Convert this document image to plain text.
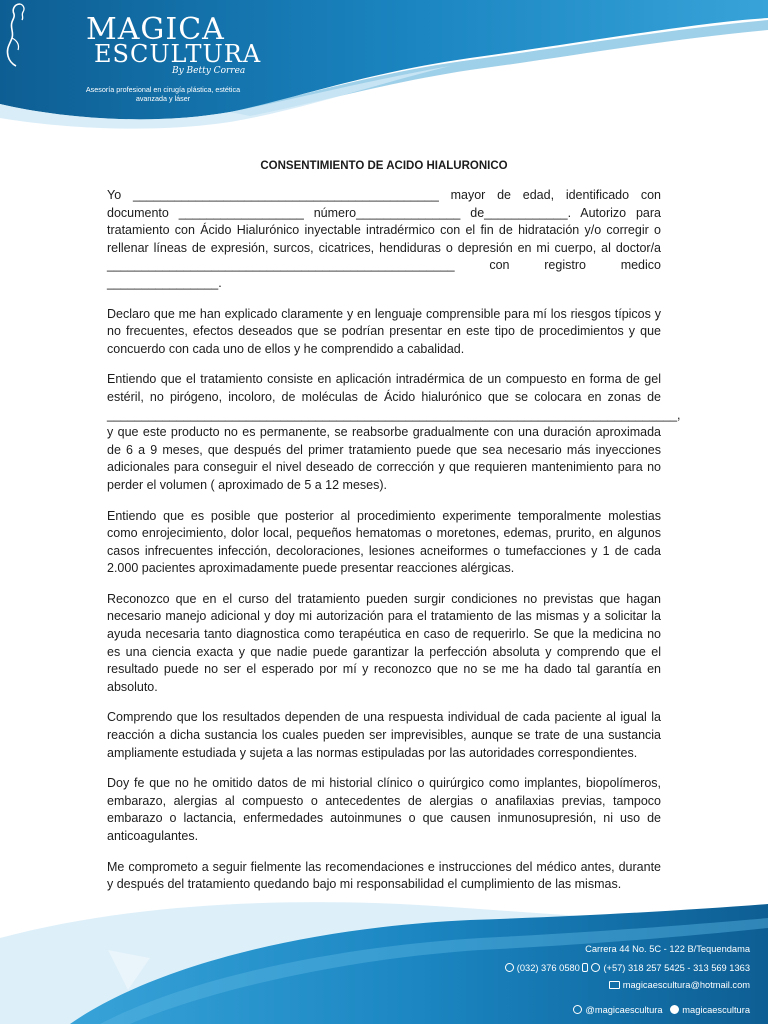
MAGICA
ESCULTURA
By Betty Correa
Asesoría profesional en cirugía plástica, estética avanzada y láser
CONSENTIMIENTO DE ACIDO HIALURONICO

Yo ____________________________________________ mayor de edad, identificado con documento __________________ número_______________ de____________. Autorizo para tratamiento con Ácido Hialurónico inyectable intradérmico con el fin de hidratación y/o corregir o rellenar líneas de expresión, surcos, cicatrices, hendiduras o depresión en mi cuerpo, al doctor/a __________________________________________________	con registro medico ________________.

Declaro que me han explicado claramente y en lenguaje comprensible para mí los riesgos típicos y no frecuentes, efectos deseados que se podrían presentar en este tipo de procedimientos y que concuerdo con cada uno de ellos y he comprendido a cabalidad.

Entiendo que el tratamiento consiste en aplicación intradérmica de un compuesto en forma de gel estéril, no pirógeno, incoloro, de moléculas de Ácido hialurónico que se colocara en zonas de __________________________________________________________________________________, y que este producto no es permanente, se reabsorbe gradualmente con una duración aproximada de 6 a 9 meses, que después del primer tratamiento puede que sea necesario más inyecciones adicionales para conseguir el nivel deseado de corrección y que requieren mantenimiento para no perder el volumen ( aproximado de 5 a 12 meses).

Entiendo que es posible que posterior al procedimiento experimente temporalmente molestias como enrojecimiento, dolor local, pequeños hematomas o moretones, edemas, prurito, en algunos casos infrecuentes infección, decoloraciones, lesiones acneiformes o tumefacciones y 1 de cada 2.000 pacientes aproximadamente puede presentar reacciones alérgicas.

Reconozco que en el curso del tratamiento pueden surgir condiciones no previstas que hagan necesario manejo adicional y doy mi autorización para el tratamiento de las mismas y a solicitar la ayuda necesaria tanto diagnostica como terapéutica en caso de requerirlo. Se que la medicina no es una ciencia exacta y que nadie puede garantizar la perfección absoluta y comprendo que el resultado puede no ser el esperado por mí y reconozco que no se me ha dado tal garantía en absoluto.

Comprendo que los resultados dependen de una respuesta individual de cada paciente al igual la reacción a dicha sustancia los cuales pueden ser imprevisibles, aunque se trate de una sustancia ampliamente estudiada y sujeta a las normas estipuladas por las autoridades correspondientes.

Doy fe que no he omitido datos de mi historial clínico o quirúrgico como implantes, biopolímeros, embarazo, alergias al compuesto o antecedentes de alergias o anafilaxias previas, tampoco embarazo o lactancia, enfermedades autoinmunes o que causen inmunosupresión, ni uso de anticoagulantes.

Me comprometo a seguir fielmente las recomendaciones e instrucciones del médico antes, durante y después del tratamiento quedando bajo mi responsabilidad el cumplimiento de las mismas.

Carrera 44 No. 5C - 122 B/Tequendama
(032) 376 0580	(+57) 318 257 5425 - 313 569 1363
magicaescultura@hotmail.com
@magicaescultura magicaescultura
